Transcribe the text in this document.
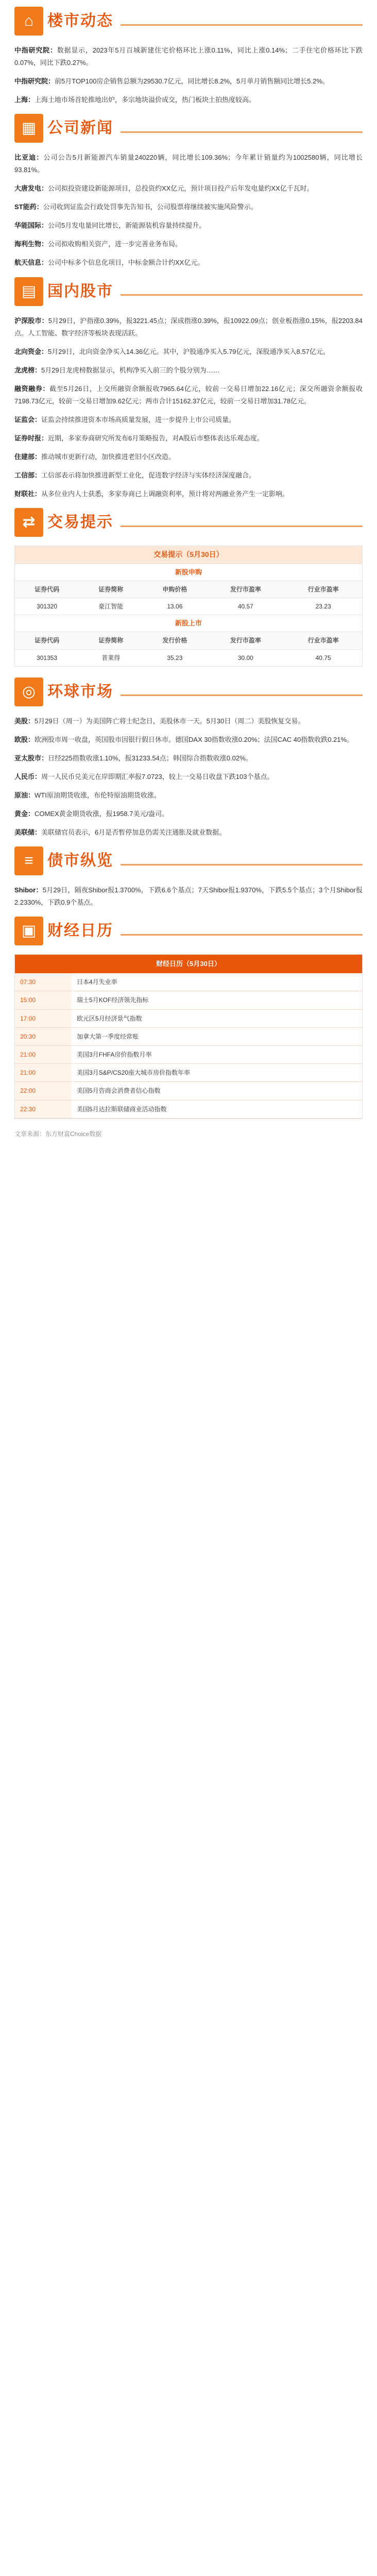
⌂ 楼市动态

中指研究院：数据显示，2023年5月百城新建住宅价格环比上涨0.11%，同比上涨0.14%；二手住宅价格环比下跌0.07%，同比下跌0.27%。

中指研究院：前5月TOP100房企销售总额为29530.7亿元，同比增长8.2%，5月单月销售额同比增长5.2%。

上海：上海土地市场首轮推地出炉，多宗地块溢价成交，热门板块土拍热度较高。

▦ 公司新闻

比亚迪：公司公告5月新能源汽车销量240220辆，同比增长109.36%；今年累计销量约为1002580辆，同比增长93.81%。

大唐发电：公司拟投资建设新能源项目，总投资约XX亿元，预计项目投产后年发电量约XX亿千瓦时。

ST能药：公司收到证监会行政处罚事先告知书，公司股票将继续被实施风险警示。

华能国际：公司5月发电量同比增长，新能源装机容量持续提升。

海利生物：公司拟收购相关资产，进一步完善业务布局。

航天信息：公司中标多个信息化项目，中标金额合计约XX亿元。

▤ 国内股市

沪深股市：5月29日，沪指涨0.39%，报3221.45点；深成指涨0.39%，报10922.09点；创业板指涨0.15%，报2203.84点。人工智能、数字经济等板块表现活跃。

北向资金：5月29日，北向资金净买入14.36亿元。其中，沪股通净买入5.79亿元，深股通净买入8.57亿元。

龙虎榜：5月29日龙虎榜数据显示，机构净买入前三的个股分别为……

融资融券：截至5月26日，上交所融资余额报收7965.64亿元，较前一交易日增加22.16亿元；深交所融资余额报收7198.73亿元，较前一交易日增加9.62亿元；两市合计15162.37亿元，较前一交易日增加31.78亿元。

证监会：证监会持续推进资本市场高质量发展，进一步提升上市公司质量。

证券时报：近期，多家券商研究所发布6月策略报告，对A股后市整体表达乐观态度。

住建部：推动城市更新行动，加快推进老旧小区改造。

工信部：工信部表示将加快推进新型工业化，促进数字经济与实体经济深度融合。

财联社：从多位业内人士获悉，多家券商已上调融资利率，预计将对两融业务产生一定影响。

⇄ 交易提示
交易提示（5月30日）
新股申购
证券代码	证券简称	申购价格	发行市盈率	行业市盈率
301320	豪江智能	13.06	40.57	23.23
新股上市
证券代码	证券简称	发行价格	发行市盈率	行业市盈率
301353	普莱得	35.23	30.00	40.75
◎ 环球市场

美股：5月29日（周一）为美国阵亡将士纪念日，美股休市一天。5月30日（周二）美股恢复交易。

欧股：欧洲股市周一收盘，英国股市因银行假日休市。德国DAX 30指数收涨0.20%；法国CAC 40指数收跌0.21%。

亚太股市：日经225指数收涨1.10%，报31233.54点；韩国综合指数收涨0.02%。

人民币：周一人民币兑美元在岸即期汇率报7.0723，较上一交易日收盘下跌103个基点。

原油：WTI原油期货收涨，布伦特原油期货收涨。

黄金：COMEX黄金期货收涨，报1958.7美元/盎司。

美联储：美联储官员表示，6月是否暂停加息仍需关注通胀及就业数据。

≡ 债市纵览

Shibor：5月29日，隔夜Shibor报1.3700%，下跌6.6个基点；7天Shibor报1.9370%，下跌5.5个基点；3个月Shibor报2.2330%，下跌0.9个基点。

▣ 财经日历
财经日历（5月30日）
07:30	日本4月失业率
15:00	瑞士5月KOF经济领先指标
17:00	欧元区5月经济景气指数
20:30	加拿大第一季度经常账
21:00	美国3月FHFA房价指数月率
21:00	美国3月S&P/CS20座大城市房价指数年率
22:00	美国5月咨商会消费者信心指数
22:30	美国5月达拉斯联储商业活动指数
文章来源：东方财富Choice数据
